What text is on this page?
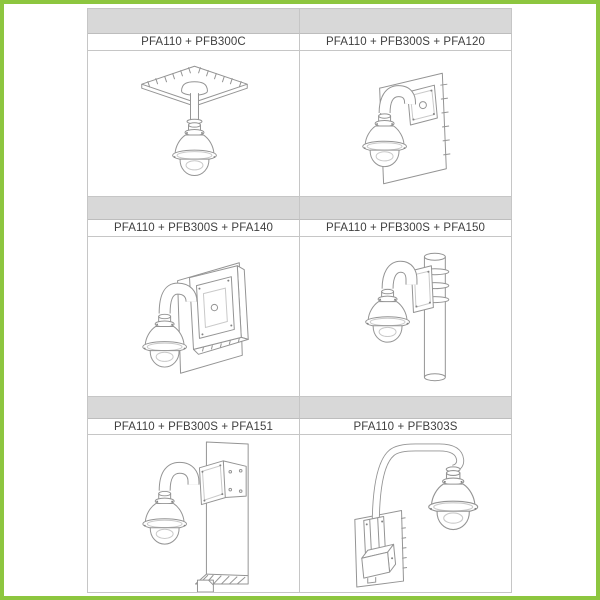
PFA110 + PFB300C	PFA110 + PFB300S + PFA120
PFA110 + PFB300S + PFA140	PFA110 + PFB300S + PFA150
PFA110 + PFB300S + PFA151	PFA110 + PFB303S
